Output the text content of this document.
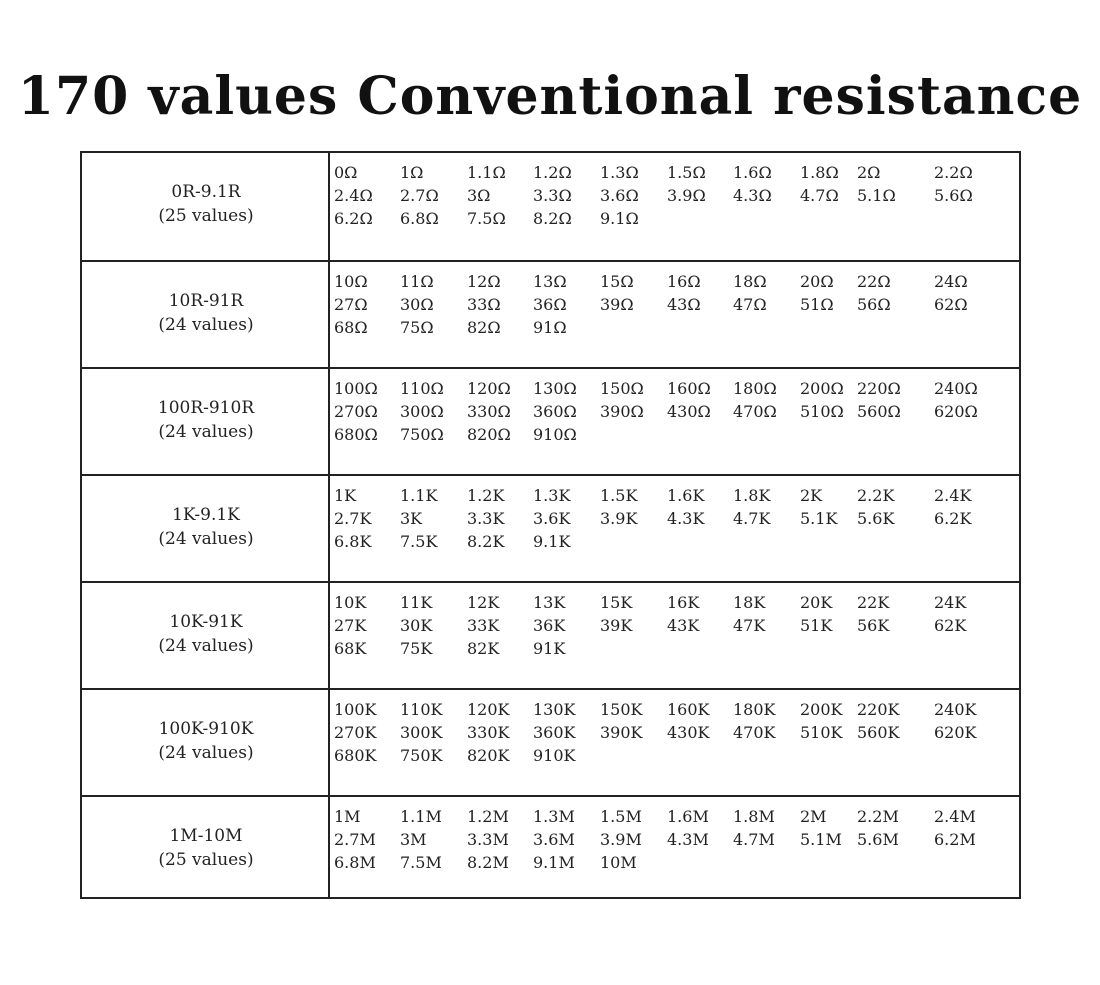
170 values Conventional resistance
0R-9.1R
(25 values)
0Ω	1Ω	1.1Ω 1.2Ω 1.3Ω 1.5Ω 1.6Ω 1.8Ω 2Ω	2.2Ω
2.4Ω 2.7Ω 3Ω	3.3Ω 3.6Ω 3.9Ω 4.3Ω 4.7Ω 5.1Ω 5.6Ω
6.2Ω 6.8Ω 7.5Ω 8.2Ω 9.1Ω
10R-91R
(24 values)
10Ω 11Ω 12Ω 13Ω 15Ω 16Ω 18Ω 20Ω 22Ω	24Ω
27Ω 30Ω 33Ω 36Ω 39Ω 43Ω 47Ω 51Ω 56Ω	62Ω
68Ω 75Ω 82Ω 91Ω
100R-910R
(24 values)
100Ω 110Ω 120Ω 130Ω 150Ω 160Ω 180Ω 200Ω 220Ω 240Ω
270Ω 300Ω 330Ω 360Ω 390Ω 430Ω 470Ω 510Ω 560Ω 620Ω
680Ω 750Ω 820Ω 910Ω
1K-9.1K
(24 values)
1K	1.1K 1.2K 1.3K 1.5K 1.6K 1.8K 2K 2.2K 2.4K
2.7K 3K	3.3K 3.6K 3.9K 4.3K 4.7K 5.1K 5.6K 6.2K
6.8K 7.5K 8.2K 9.1K
10K-91K
(24 values)
10K 11K 12K 13K 15K 16K 18K 20K 22K	24K
27K 30K 33K 36K 39K 43K 47K 51K 56K	62K
68K 75K 82K 91K
100K-910K
(24 values)
100K 110K 120K 130K 150K 160K 180K 200K 220K 240K
270K 300K 330K 360K 390K 430K 470K 510K 560K 620K
680K 750K 820K 910K
1M-10M
(25 values)
1M 1.1M 1.2M 1.3M 1.5M 1.6M 1.8M 2M 2.2M 2.4M
2.7M 3M	3.3M 3.6M 3.9M 4.3M 4.7M 5.1M 5.6M 6.2M
6.8M 7.5M 8.2M 9.1M 10M
